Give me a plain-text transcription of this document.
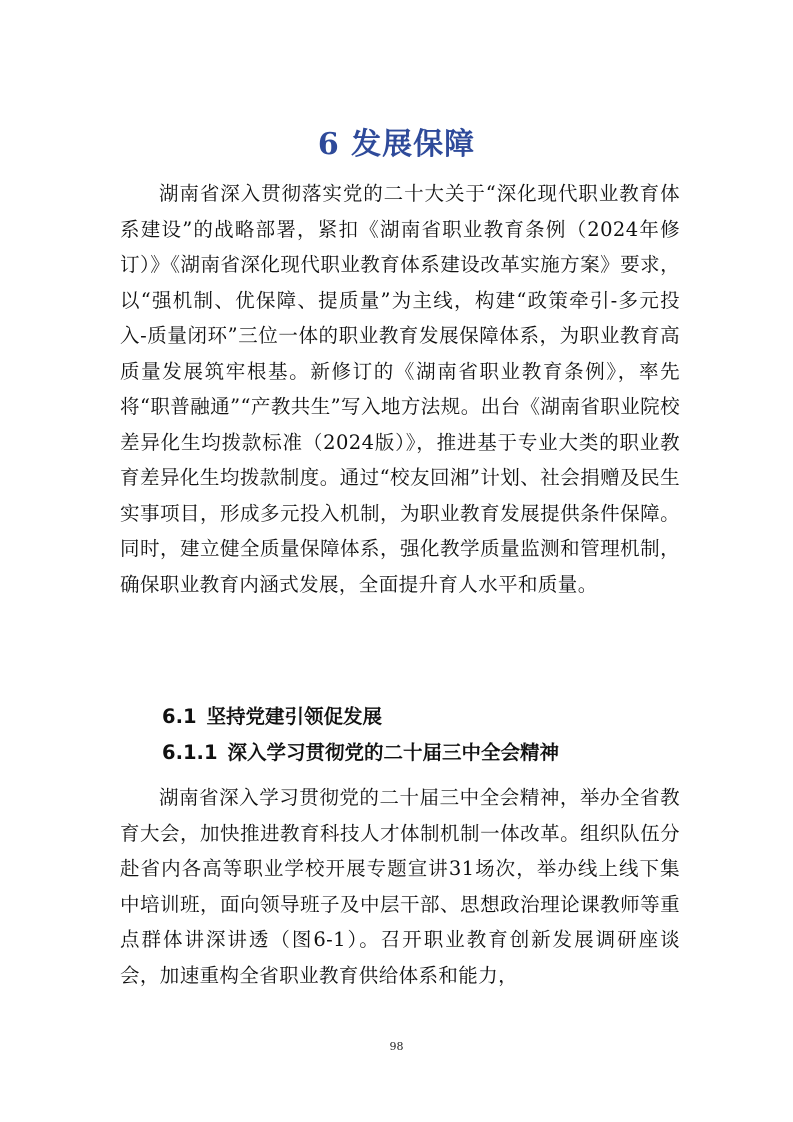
6 发展保障

湖南省深入贯彻落实党的二十大关于“深化现代职业教育体系建设”的战略部署，紧扣《湖南省职业教育条例（2024年修订）》《湖南省深化现代职业教育体系建设改革实施方案》要求，以“强机制、优保障、提质量”为主线，构建“政策牵引-多元投入-质量闭环”三位一体的职业教育发展保障体系，为职业教育高质量发展筑牢根基。新修订的《湖南省职业教育条例》，率先将“职普融通”“产教共生”写入地方法规。出台《湖南省职业院校差异化生均拨款标准（2024版）》，推进基于专业大类的职业教育差异化生均拨款制度。通过“校友回湘”计划、社会捐赠及民生实事项目，形成多元投入机制，为职业教育发展提供条件保障。同时，建立健全质量保障体系，强化教学质量监测和管理机制，确保职业教育内涵式发展，全面提升育人水平和质量。

6.1 坚持党建引领促发展
6.1.1 深入学习贯彻党的二十届三中全会精神

湖南省深入学习贯彻党的二十届三中全会精神，举办全省教育大会，加快推进教育科技人才体制机制一体改革。组织队伍分赴省内各高等职业学校开展专题宣讲31场次，举办线上线下集中培训班，面向领导班子及中层干部、思想政治理论课教师等重点群体讲深讲透（图6-1）。召开职业教育创新发展调研座谈会，加速重构全省职业教育供给体系和能力，

98
